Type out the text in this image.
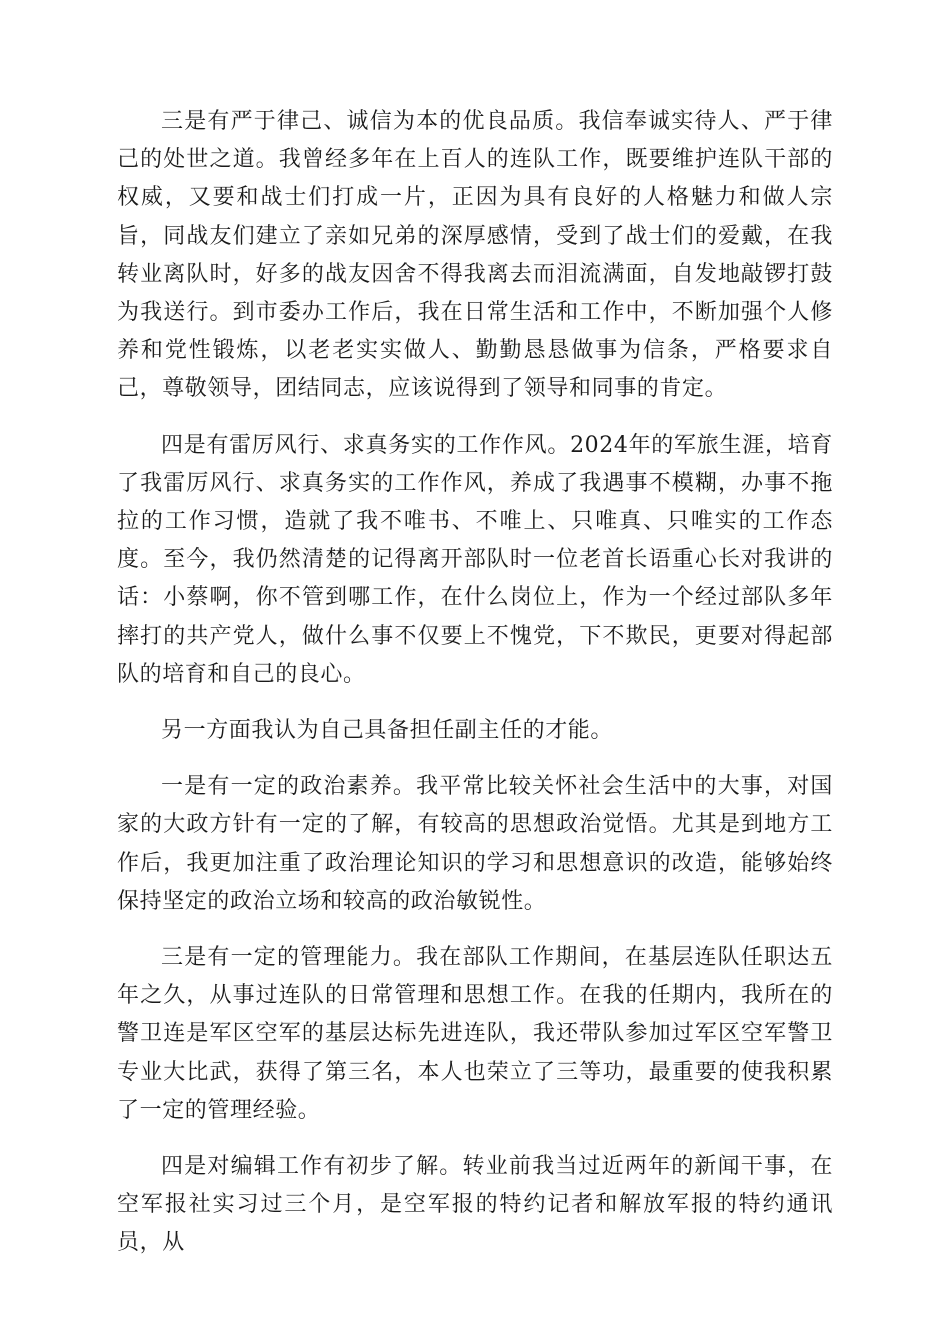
三是有严于律己、诚信为本的优良品质。我信奉诚实待人、严于律己的处世之道。我曾经多年在上百人的连队工作，既要维护连队干部的权威，又要和战士们打成一片，正因为具有良好的人格魅力和做人宗旨，同战友们建立了亲如兄弟的深厚感情，受到了战士们的爱戴，在我转业离队时，好多的战友因舍不得我离去而泪流满面，自发地敲锣打鼓为我送行。到市委办工作后，我在日常生活和工作中，不断加强个人修养和党性锻炼，以老老实实做人、勤勤恳恳做事为信条，严格要求自己，尊敬领导，团结同志，应该说得到了领导和同事的肯定。

四是有雷厉风行、求真务实的工作作风。2024年的军旅生涯，培育了我雷厉风行、求真务实的工作作风，养成了我遇事不模糊，办事不拖拉的工作习惯，造就了我不唯书、不唯上、只唯真、只唯实的工作态度。至今，我仍然清楚的记得离开部队时一位老首长语重心长对我讲的话：小蔡啊，你不管到哪工作，在什么岗位上，作为一个经过部队多年摔打的共产党人，做什么事不仅要上不愧党，下不欺民，更要对得起部队的培育和自己的良心。

另一方面我认为自己具备担任副主任的才能。

一是有一定的政治素养。我平常比较关怀社会生活中的大事，对国家的大政方针有一定的了解，有较高的思想政治觉悟。尤其是到地方工作后，我更加注重了政治理论知识的学习和思想意识的改造，能够始终保持坚定的政治立场和较高的政治敏锐性。

三是有一定的管理能力。我在部队工作期间，在基层连队任职达五年之久，从事过连队的日常管理和思想工作。在我的任期内，我所在的警卫连是军区空军的基层达标先进连队，我还带队参加过军区空军警卫专业大比武，获得了第三名，本人也荣立了三等功，最重要的使我积累了一定的管理经验。

四是对编辑工作有初步了解。转业前我当过近两年的新闻干事，在空军报社实习过三个月，是空军报的特约记者和解放军报的特约通讯员，从
